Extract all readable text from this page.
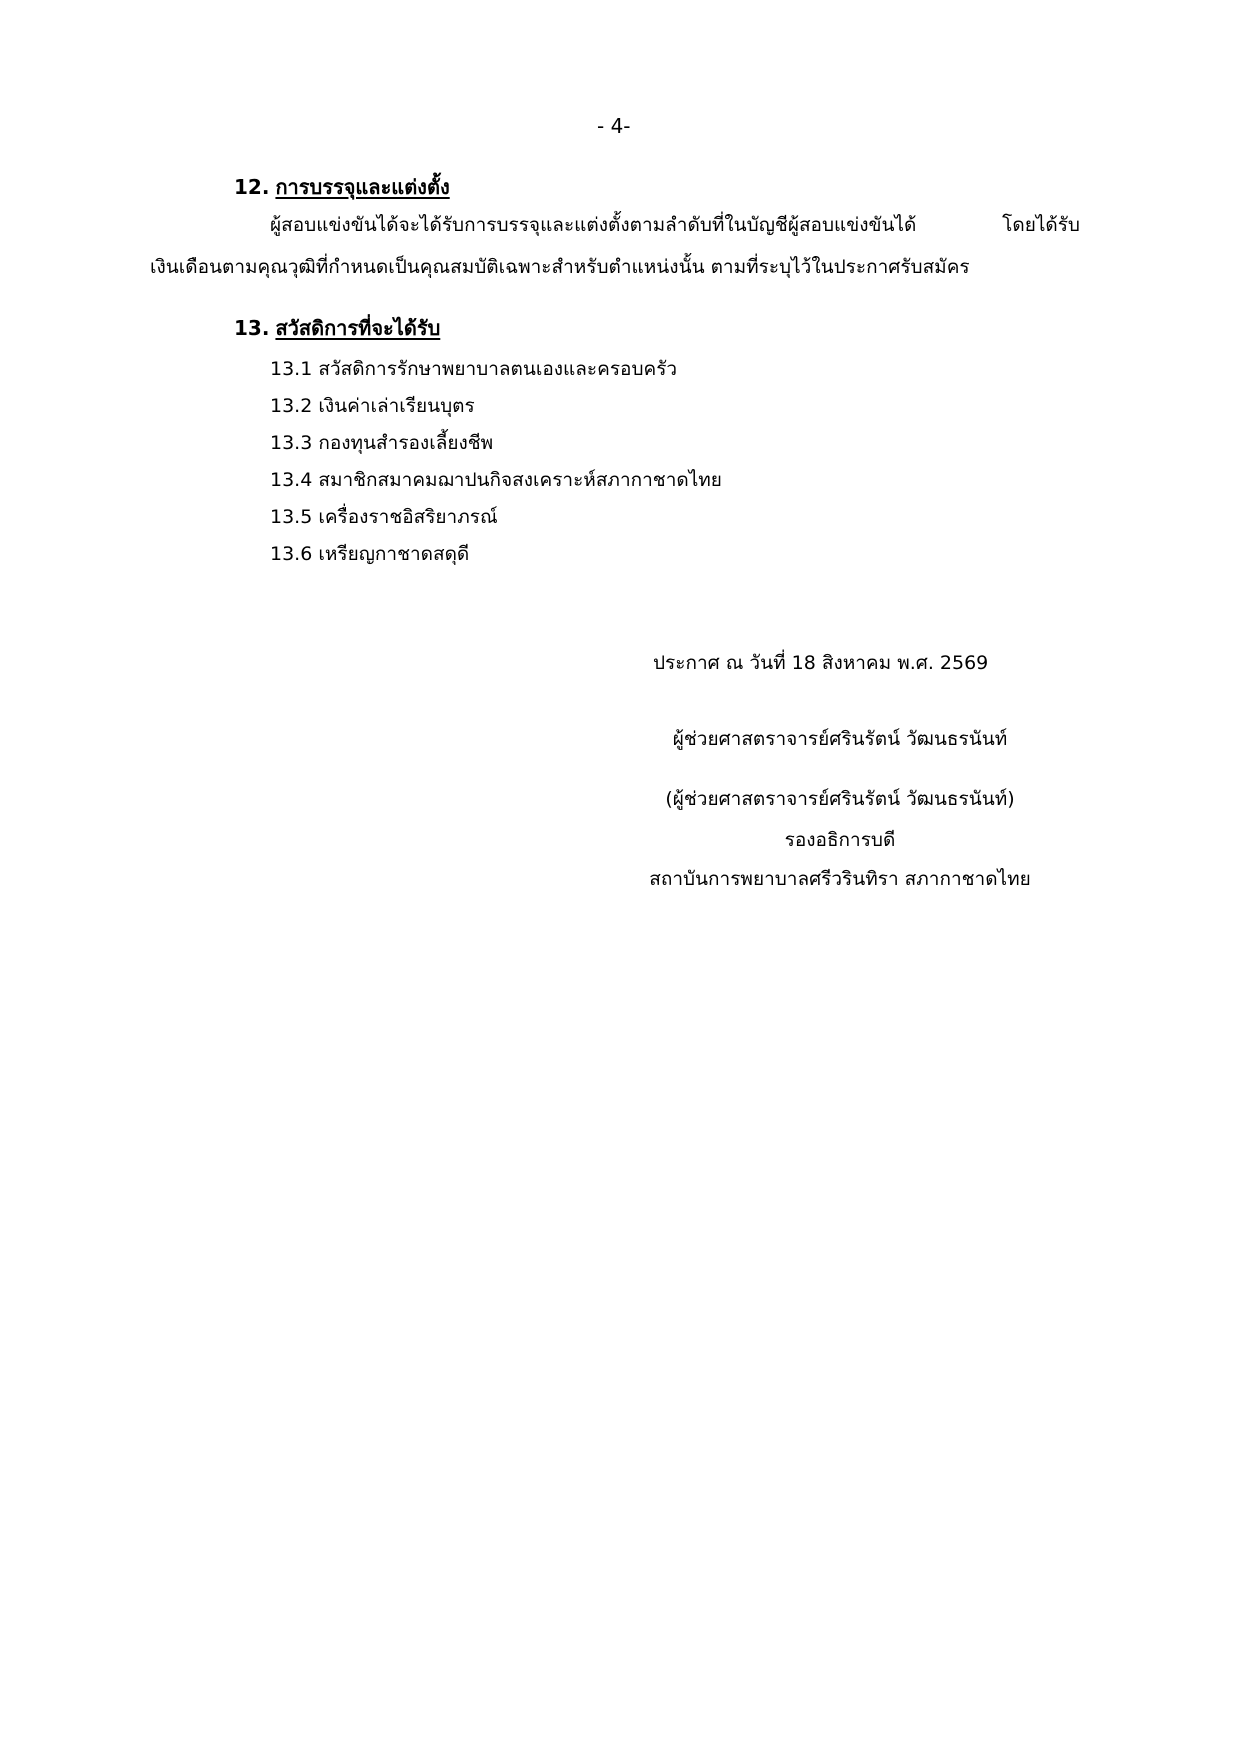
- 4-
12. การบรรจุและแต่งตั้ง
ผู้สอบแข่งขันได้จะได้รับการบรรจุและแต่งตั้งตามลำดับที่ในบัญชีผู้สอบแข่งขันได้ โดยได้รับ
เงินเดือนตามคุณวุฒิที่กำหนดเป็นคุณสมบัติเฉพาะสำหรับตำแหน่งนั้น ตามที่ระบุไว้ในประกาศรับสมัคร
13. สวัสดิการที่จะได้รับ
13.1 สวัสดิการรักษาพยาบาลตนเองและครอบครัว
13.2 เงินค่าเล่าเรียนบุตร
13.3 กองทุนสำรองเลี้ยงชีพ
13.4 สมาชิกสมาคมฌาปนกิจสงเคราะห์สภากาชาดไทย
13.5 เครื่องราชอิสริยาภรณ์
13.6 เหรียญกาชาดสดุดี
ประกาศ ณ วันที่ 18 สิงหาคม พ.ศ. 2569
ผู้ช่วยศาสตราจารย์ศรินรัตน์ วัฒนธรนันท์
(ผู้ช่วยศาสตราจารย์ศรินรัตน์ วัฒนธรนันท์)
รองอธิการบดี
สถาบันการพยาบาลศรีวรินทิรา สภากาชาดไทย
